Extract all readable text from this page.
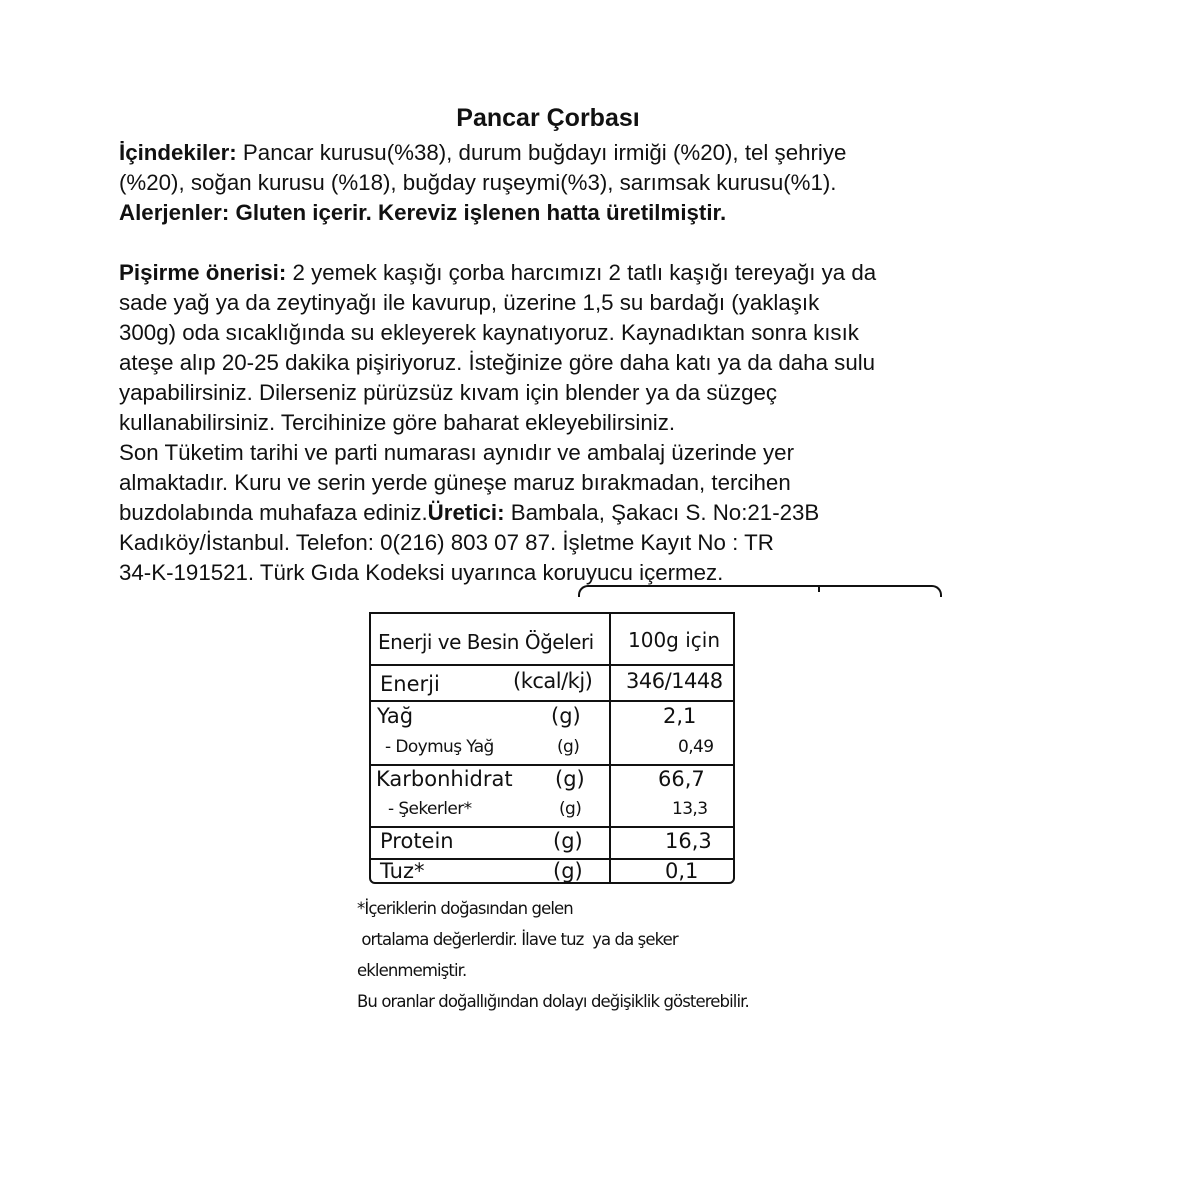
Pancar Çorbası
İçindekiler: Pancar kurusu(%38), durum buğdayı irmiği (%20), tel şehriye
(%20), soğan kurusu (%18), buğday ruşeymi(%3), sarımsak kurusu(%1).
Alerjenler: Gluten içerir. Kereviz işlenen hatta üretilmiştir.
Pişirme önerisi: 2 yemek kaşığı çorba harcımızı 2 tatlı kaşığı tereyağı ya da
sade yağ ya da zeytinyağı ile kavurup, üzerine 1,5 su bardağı (yaklaşık
300g) oda sıcaklığında su ekleyerek kaynatıyoruz. Kaynadıktan sonra kısık
ateşe alıp 20-25 dakika pişiriyoruz. İsteğinize göre daha katı ya da daha sulu
yapabilirsiniz. Dilerseniz pürüzsüz kıvam için blender ya da süzgeç
kullanabilirsiniz. Tercihinize göre baharat ekleyebilirsiniz.
Son Tüketim tarihi ve parti numarası aynıdır ve ambalaj üzerinde yer
almaktadır. Kuru ve serin yerde güneşe maruz bırakmadan, tercihen
buzdolabında muhafaza ediniz.Üretici: Bambala, Şakacı S. No:21-23B
Kadıköy/İstanbul. Telefon: 0(216) 803 07 87. İşletme Kayıt No : TR
34-K-191521. Türk Gıda Kodeksi uyarınca koruyucu içermez.
Enerji ve Besin Öğeleri 100g için
Enerji	(kcal/kj) 346/1448
Yağ	(g)	2,1
- Doymuş Yağ	(g)	0,49
Karbonhidrat (g)	66,7
- Şekerler*	(g)	13,3
Protein	(g)	16,3
Tuz*	(g)	0,1
*İçeriklerin doğasından gelen
ortalama değerlerdir. İlave tuz  ya da şeker
eklenmemiştir.
Bu oranlar doğallığından dolayı değişiklik gösterebilir.
